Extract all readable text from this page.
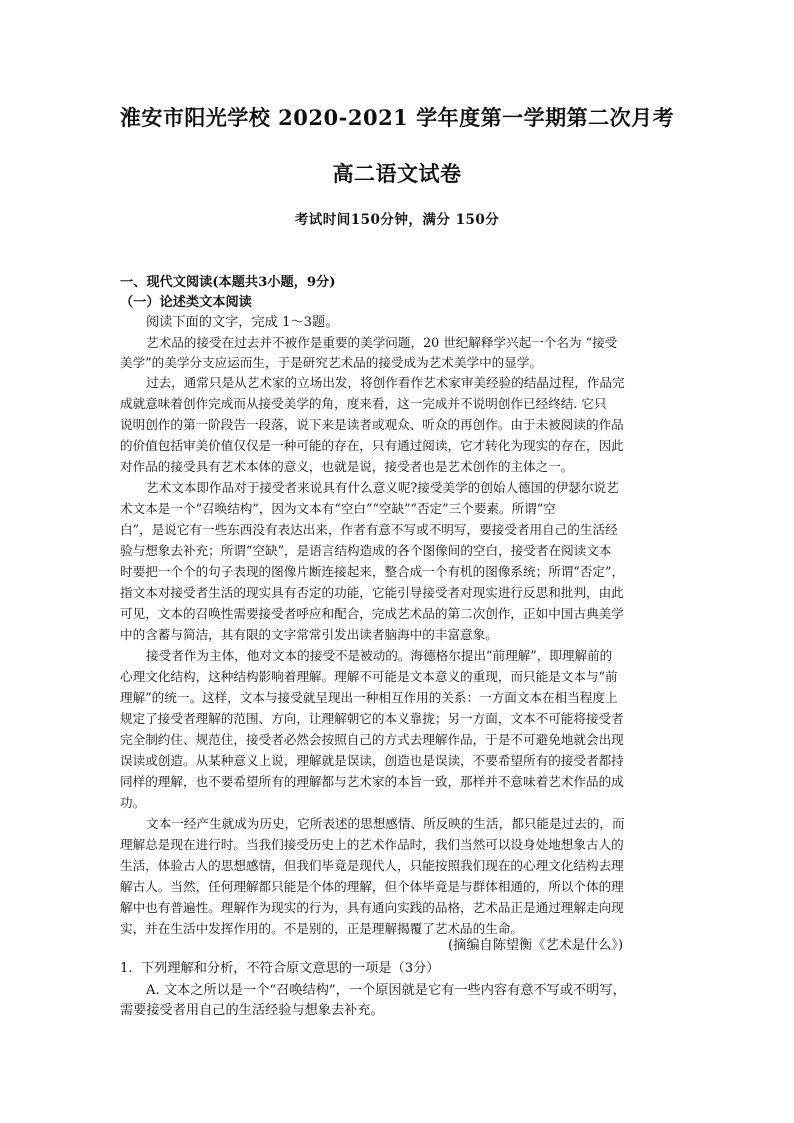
淮安市阳光学校 2020-2021 学年度第一学期第二次月考
高二语文试卷
考试时间150分钟，满分 150分
一、现代文阅读(本题共3小题，9分)
（一）论述类文本阅读
阅读下面的文字，完成 1～3题。
艺术品的接受在过去并不被作是重要的美学问题，20 世纪解释学兴起一个名为 “接受
美学”的美学分支应运而生，于是研究艺术品的接受成为艺术美学中的显学。
过去，通常只是从艺术家的立场出发，将创作看作艺术家审美经验的结晶过程，作品完
成就意味着创作完成而从接受美学的角，度来看，这一完成并不说明创作已经终结. 它只
说明创作的第一阶段告一段落，说下来是读者或观众、听众的再创作。由于未被阅读的作品
的价值包括审美价值仅仅是一种可能的存在，只有通过阅读，它才转化为现实的存在，因此
对作品的接受具有艺术本体的意义，也就是说，接受者也是艺术创作的主体之一。
艺术文本即作品对于接受者来说具有什么意义呢?接受美学的创始人德国的伊瑟尔说艺
术文本是一个“召唤结构”，因为文本有“空白”“空缺”“否定”三个要素。所谓“空
白”，是说它有一些东西没有表达出来，作者有意不写或不明写，要接受者用自己的生活经
验与想象去补充；所谓“空缺”，是语言结构造成的各个图像间的空白，接受者在阅读文本
时要把一个个的句子表现的图像片断连接起来，整合成一个有机的图像系统；所谓“否定”，
指文本对接受者生活的现实具有否定的功能，它能引导接受者对现实进行反思和批判，由此
可见，文本的召唤性需要接受者呼应和配合，完成艺术品的第二次创作，正如中国古典美学
中的含蓄与简洁，其有限的文字常常引发出读者脑海中的丰富意象。
接受者作为主体，他对文本的接受不是被动的。海德格尔提出“前理解”，即理解前的
心理文化结构，这种结构影响着理解。理解不可能是文本意义的重现，而只能是文本与“前
理解”的统一。这样，文本与接受就呈现出一种相互作用的关系：一方面文本在相当程度上
规定了接受者理解的范围、方向，让理解朝它的本义靠拢；另一方面，文本不可能将接受者
完全制约住、规范住，接受者必然会按照自己的方式去理解作品，于是不可避免地就会出现
误读或创造。从某种意义上说，理解就是误读，创造也是误读，不要希望所有的接受者都持
同样的理解，也不要希望所有的理解都与艺术家的本旨一致，那样并不意味着艺术作品的成
功。
文本一经产生就成为历史，它所表述的思想感情、所反映的生活，都只能是过去的，而
理解总是现在进行时。当我们接受历史上的艺术作品时，我们当然可以设身处地想象古人的
生活，体验古人的思想感情，但我们毕竟是现代人，只能按照我们现在的心理文化结构去理
解古人。当然，任何理解都只能是个体的理解，但个体毕竟是与群体相通的，所以个体的理
解中也有普遍性。理解作为现实的行为，具有通向实践的品格，艺术品正是通过理解走向现
实，并在生活中发挥作用的。不是别的，正是理解揭覆了艺术品的生命。
(摘编自陈望衡《艺术是什么》)
1.  下列理解和分析，不符合原文意思的一项是（3分）
A. 文本之所以是一个“召唤结构”，一个原因就是它有一些内容有意不写或不明写，
需要接受者用自己的生活经验与想象去补充。
